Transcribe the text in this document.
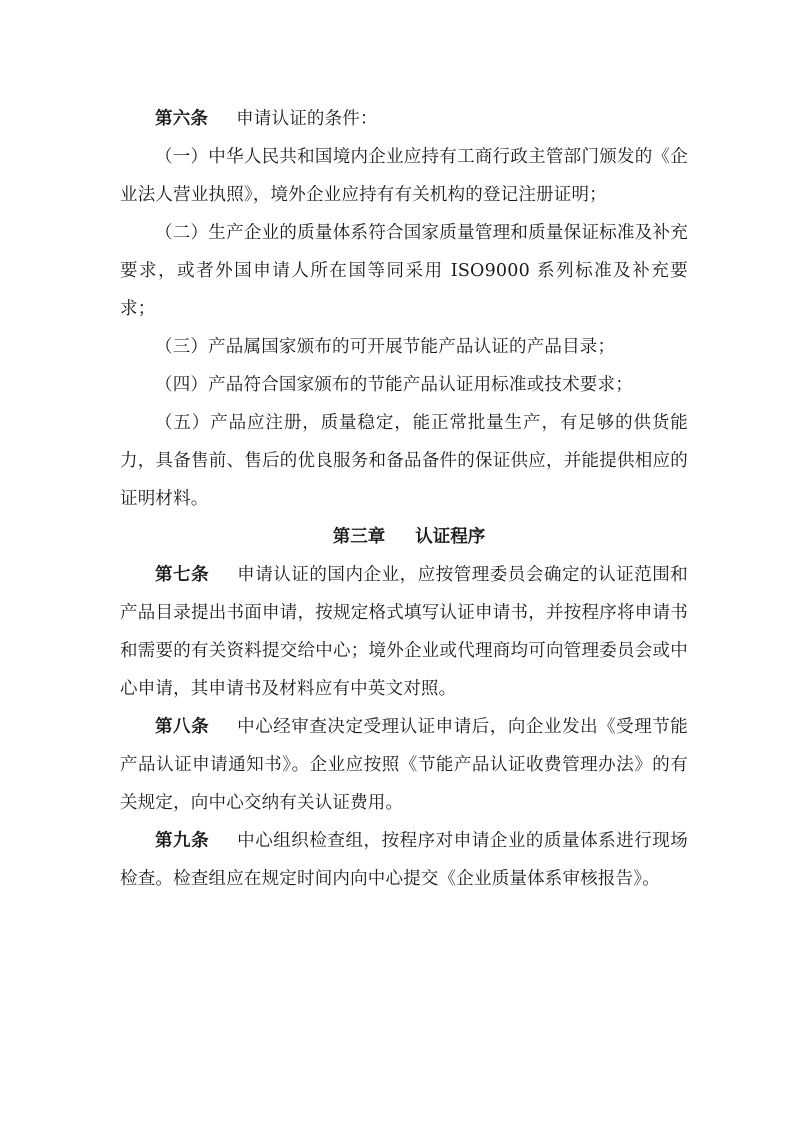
第六条 申请认证的条件：

（一）中华人民共和国境内企业应持有工商行政主管部门颁发的《企业法人营业执照》，境外企业应持有有关机构的登记注册证明；

（二）生产企业的质量体系符合国家质量管理和质量保证标准及补充要求，或者外国申请人所在国等同采用 ISO9000 系列标准及补充要求；

（三）产品属国家颁布的可开展节能产品认证的产品目录；

（四）产品符合国家颁布的节能产品认证用标准或技术要求；

（五）产品应注册，质量稳定，能正常批量生产，有足够的供货能力，具备售前、售后的优良服务和备品备件的保证供应，并能提供相应的证明材料。

第三章 认证程序

第七条 申请认证的国内企业，应按管理委员会确定的认证范围和产品目录提出书面申请，按规定格式填写认证申请书，并按程序将申请书和需要的有关资料提交给中心；境外企业或代理商均可向管理委员会或中心申请，其申请书及材料应有中英文对照。

第八条 中心经审查决定受理认证申请后，向企业发出《受理节能产品认证申请通知书》。企业应按照《节能产品认证收费管理办法》的有关规定，向中心交纳有关认证费用。

第九条 中心组织检查组，按程序对申请企业的质量体系进行现场检查。检查组应在规定时间内向中心提交《企业质量体系审核报告》。
